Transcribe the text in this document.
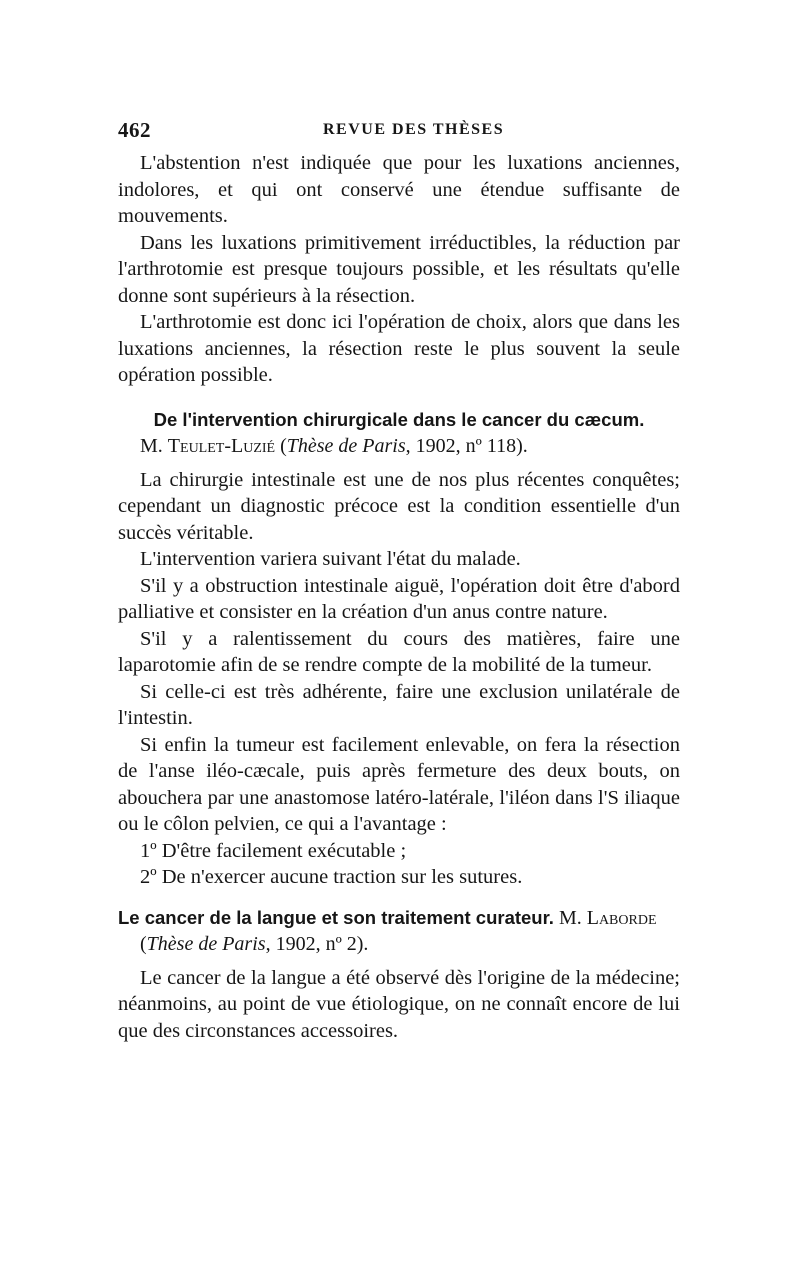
462	REVUE DES THÈSES

L'abstention n'est indiquée que pour les luxations anciennes, indolores, et qui ont conservé une étendue suffisante de mouvements.

Dans les luxations primitivement irréductibles, la réduction par l'arthrotomie est presque toujours possible, et les résultats qu'elle donne sont supérieurs à la résection.

L'arthrotomie est donc ici l'opération de choix, alors que dans les luxations anciennes, la résection reste le plus souvent la seule opération possible.

De l'intervention chirurgicale dans le cancer du cæcum.

M. Teulet-Luzié (Thèse de Paris, 1902, nº 118).

La chirurgie intestinale est une de nos plus récentes conquêtes; cependant un diagnostic précoce est la condition essentielle d'un succès véritable.

L'intervention variera suivant l'état du malade.

S'il y a obstruction intestinale aiguë, l'opération doit être d'abord palliative et consister en la création d'un anus contre nature.

S'il y a ralentissement du cours des matières, faire une laparotomie afin de se rendre compte de la mobilité de la tumeur.

Si celle-ci est très adhérente, faire une exclusion unilatérale de l'intestin.

Si enfin la tumeur est facilement enlevable, on fera la résection de l'anse iléo-cæcale, puis après fermeture des deux bouts, on abouchera par une anastomose latéro-latérale, l'iléon dans l'S iliaque ou le côlon pelvien, ce qui a l'avantage :

1º D'être facilement exécutable ;

2º De n'exercer aucune traction sur les sutures.

Le cancer de la langue et son traitement curateur. M. Laborde

(Thèse de Paris, 1902, nº 2).

Le cancer de la langue a été observé dès l'origine de la médecine; néanmoins, au point de vue étiologique, on ne connaît encore de lui que des circonstances accessoires.
